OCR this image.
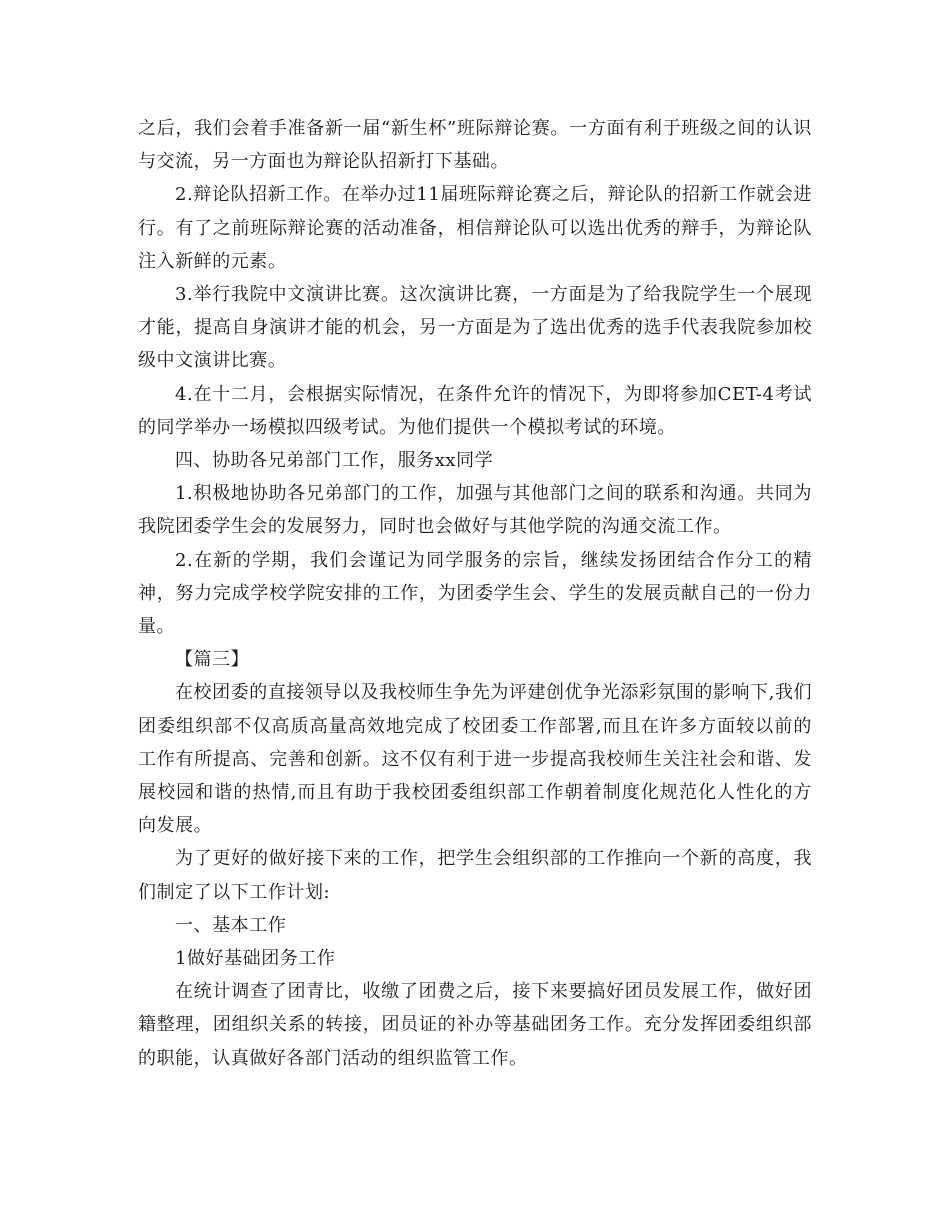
之后，我们会着手准备新一届“新生杯”班际辩论赛。一方面有利于班级之间的认识与交流，另一方面也为辩论队招新打下基础。

2.辩论队招新工作。在举办过11届班际辩论赛之后，辩论队的招新工作就会进行。有了之前班际辩论赛的活动准备，相信辩论队可以选出优秀的辩手，为辩论队注入新鲜的元素。

3.举行我院中文演讲比赛。这次演讲比赛，一方面是为了给我院学生一个展现才能，提高自身演讲才能的机会，另一方面是为了选出优秀的选手代表我院参加校级中文演讲比赛。

4.在十二月，会根据实际情况，在条件允许的情况下，为即将参加CET-4考试的同学举办一场模拟四级考试。为他们提供一个模拟考试的环境。

四、协助各兄弟部门工作，服务xx同学

1.积极地协助各兄弟部门的工作，加强与其他部门之间的联系和沟通。共同为我院团委学生会的发展努力，同时也会做好与其他学院的沟通交流工作。

2.在新的学期，我们会谨记为同学服务的宗旨，继续发扬团结合作分工的精神，努力完成学校学院安排的工作，为团委学生会、学生的发展贡献自己的一份力量。

【篇三】

在校团委的直接领导以及我校师生争先为评建创优争光添彩氛围的影响下,我们团委组织部不仅高质高量高效地完成了校团委工作部署,而且在许多方面较以前的工作有所提高、完善和创新。这不仅有利于进一步提高我校师生关注社会和谐、发展校园和谐的热情,而且有助于我校团委组织部工作朝着制度化规范化人性化的方向发展。

为了更好的做好接下来的工作，把学生会组织部的工作推向一个新的高度，我们制定了以下工作计划:

一、基本工作

1做好基础团务工作

在统计调查了团青比，收缴了团费之后，接下来要搞好团员发展工作，做好团籍整理，团组织关系的转接，团员证的补办等基础团务工作。充分发挥团委组织部的职能，认真做好各部门活动的组织监管工作。
